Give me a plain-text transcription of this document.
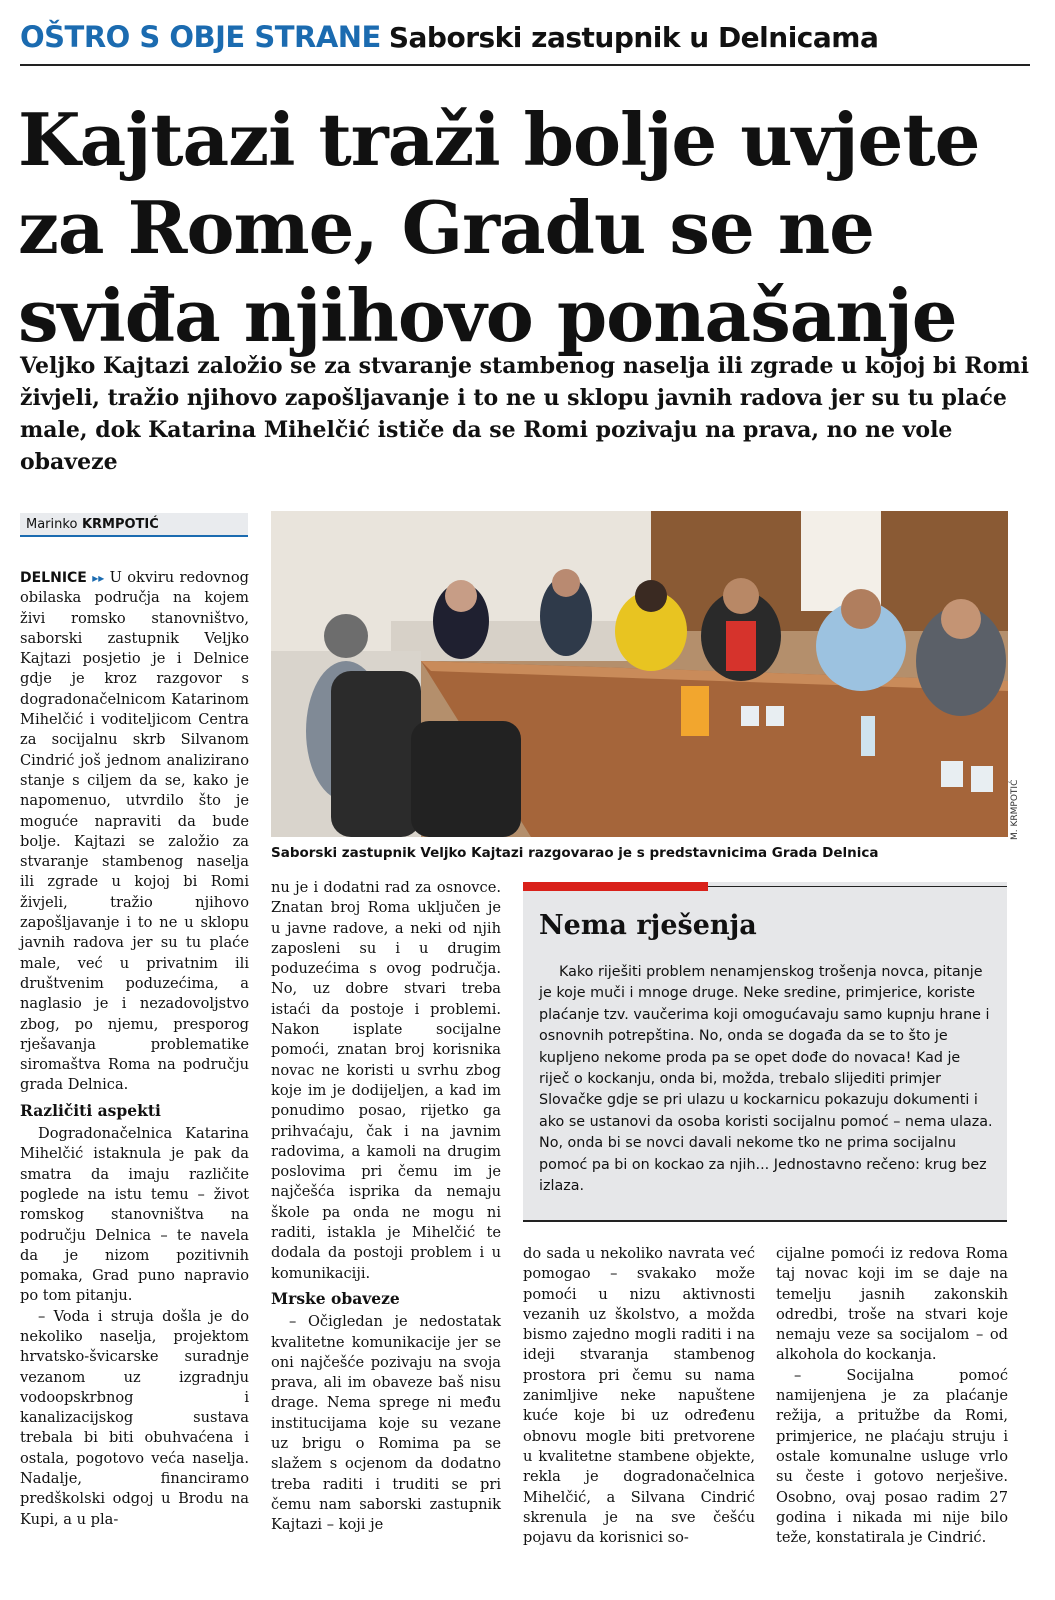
OŠTRO S OBJE STRANE Saborski zastupnik u Delnicama
Kajtazi traži bolje uvjete za Rome, Gradu se ne sviđa njihovo ponašanje
Veljko Kajtazi založio se za stvaranje stambenog naselja ili zgrade u kojoj bi Romi živjeli, tražio njihovo zapošljavanje i to ne u sklopu javnih radova jer su tu plaće male, dok Katarina Mihelčić ističe da se Romi pozivaju na prava, no ne vole obaveze
Marinko KRMPOTIĆ
M. KRMPOTIĆ
Saborski zastupnik Veljko Kajtazi razgovarao je s predstavnicima Grada Delnica

DELNICE ▸▸ U okviru redovnog obilaska područja na kojem živi romsko stanovništvo, saborski zastupnik Veljko Kajtazi posjetio je i Delnice gdje je kroz razgovor s dogradonačelnicom Katarinom Mihelčić i voditeljicom Centra za socijalnu skrb Silvanom Cindrić još jednom analizirano stanje s ciljem da se, kako je napomenuo, utvrdilo što je moguće napraviti da bude bolje. Kajtazi se založio za stvaranje stambenog naselja ili zgrade u kojoj bi Romi živjeli, tražio njihovo zapošljavanje i to ne u sklopu javnih radova jer su tu plaće male, već u privatnim ili društvenim poduzećima, a naglasio je i nezadovoljstvo zbog, po njemu, presporog rješavanja problematike siromaštva Roma na području grada Delnica.

Različiti aspekti

Dogradonačelnica Katarina Mihelčić istaknula je pak da smatra da imaju različite poglede na istu temu – život romskog stanovništva na području Delnica – te navela da je nizom pozitivnih pomaka, Grad puno napravio po tom pitanju.

– Voda i struja došla je do nekoliko naselja, projektom hrvatsko-švicarske suradnje vezanom uz izgradnju vodoopskrbnog i kanalizacijskog sustava trebala bi biti obuhvaćena i ostala, pogotovo veća naselja. Nadalje, financiramo predškolski odgoj u Brodu na Kupi, a u pla-

nu je i dodatni rad za osnovce. Znatan broj Roma uključen je u javne radove, a neki od njih zaposleni su i u drugim poduzećima s ovog područja. No, uz dobre stvari treba istaći da postoje i problemi. Nakon isplate socijalne pomoći, znatan broj korisnika novac ne koristi u svrhu zbog koje im je dodijeljen, a kad im ponudimo posao, rijetko ga prihvaćaju, čak i na javnim radovima, a kamoli na drugim poslovima pri čemu im je najčešća isprika da nemaju škole pa onda ne mogu ni raditi, istakla je Mihelčić te dodala da postoji problem i u komunikaciji.

Mrske obaveze

– Očigledan je nedostatak kvalitetne komunikacije jer se oni najčešće pozivaju na svoja prava, ali im obaveze baš nisu drage. Nema sprege ni među institucijama koje su vezane uz brigu o Romima pa se slažem s ocjenom da dodatno treba raditi i truditi se pri čemu nam saborski zastupnik Kajtazi – koji je

Nema rješenja

Kako riješiti problem nenamjenskog trošenja novca, pitanje je koje muči i mnoge druge. Neke sredine, primjerice, koriste plaćanje tzv. vaučerima koji omogućavaju samo kupnju hrane i osnovnih potrepština. No, onda se događa da se to što je kupljeno nekome proda pa se opet dođe do novaca! Kad je riječ o kockanju, onda bi, možda, trebalo slijediti primjer Slovačke gdje se pri ulazu u kockarnicu pokazuju dokumenti i ako se ustanovi da osoba koristi socijalnu pomoć – nema ulaza. No, onda bi se novci davali nekome tko ne prima socijalnu pomoć pa bi on kockao za njih... Jednostavno rečeno: krug bez izlaza.

do sada u nekoliko navrata već pomogao – svakako može pomoći u nizu aktivnosti vezanih uz školstvo, a možda bismo zajedno mogli raditi i na ideji stvaranja stambenog prostora pri čemu su nama zanimljive neke napuštene kuće koje bi uz određenu obnovu mogle biti pretvorene u kvalitetne stambene objekte, rekla je dogradonačelnica Mihelčić, a Silvana Cindrić skrenula je na sve češću pojavu da korisnici so-

cijalne pomoći iz redova Roma taj novac koji im se daje na temelju jasnih zakonskih odredbi, troše na stvari koje nemaju veze sa socijalom – od alkohola do kockanja.

– Socijalna pomoć namijenjena je za plaćanje režija, a pritužbe da Romi, primjerice, ne plaćaju struju i ostale komunalne usluge vrlo su česte i gotovo nerješive. Osobno, ovaj posao radim 27 godina i nikada mi nije bilo teže, konstatirala je Cindrić.
